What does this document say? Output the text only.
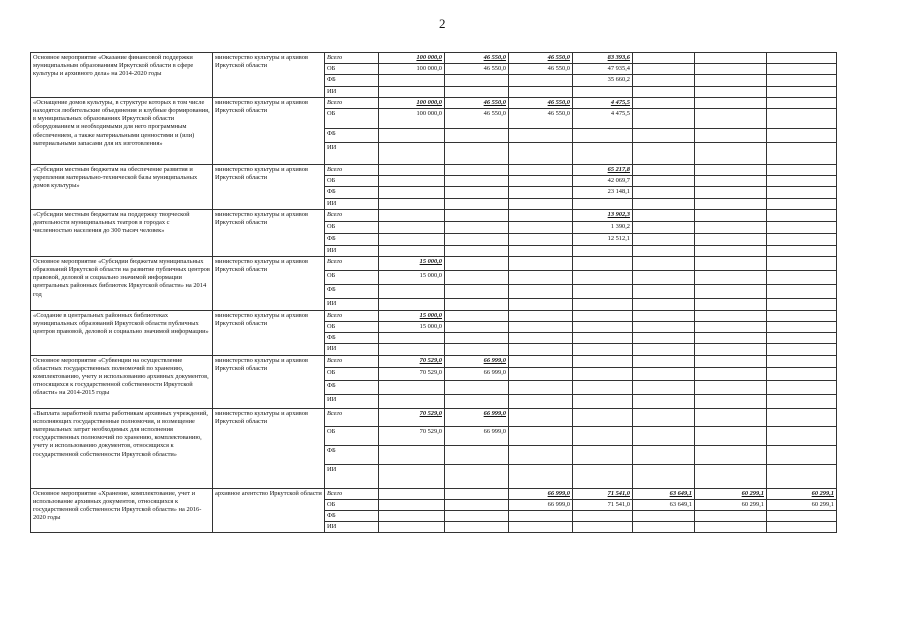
2
Основное мероприятие «Оказание финансовой поддержки муниципальным образованиям Иркутской области в сфере культуры и архивного дела» на 2014-2020 годы	министерство культуры и архивов Иркутской области	Всего	100 000,0	46 550,0	46 550,0	83 393,6			
		ОБ	100 000,0	46 550,0	46 550,0	47 935,4			
		ФБ				35 660,2			
		ИИ							
«Оснащение домов культуры, в структуре которых в том числе находятся любительские объединения и клубные формирования, в муниципальных образованиях Иркутской области оборудованием и необходимыми для него программным обеспечением, а также материальными ценностями и (или) материальными запасами для их изготовления»	министерство культуры и архивов Иркутской области	Всего	100 000,0	46 550,0	46 550,0	4 475,5			
		ОБ	100 000,0	46 550,0	46 550,0	4 475,5			
		ФБ							
		ИИ							
«Субсидии местным бюджетам на обеспечение развития и укрепления материально-технической базы муниципальных домов культуры»	министерство культуры и архивов Иркутской области	Всего				65 217,8			
		ОБ				42 069,7			
		ФБ				23 148,1			
		ИИ							
«Субсидии местным бюджетам на поддержку творческой деятельности муниципальных театров в городах с численностью населения до 300 тысяч человек»	министерство культуры и архивов Иркутской области	Всего				13 902,3			
		ОБ				1 390,2			
		ФБ				12 512,1			
		ИИ							
Основное мероприятие «Субсидии бюджетам муниципальных образований Иркутской области на развитие публичных центров правовой, деловой и социально значимой информации центральных районных библиотек Иркутской области» на 2014 год	министерство культуры и архивов Иркутской области	Всего	15 000,0						
		ОБ	15 000,0						
		ФБ							
		ИИ							
«Создание в центральных районных библиотеках муниципальных образований Иркутской области публичных центров правовой, деловой и социально значимой информации»	министерство культуры и архивов Иркутской области	Всего	15 000,0						
		ОБ	15 000,0						
		ФБ							
		ИИ							
Основное мероприятие «Субвенции на осуществление областных государственных полномочий по хранению, комплектованию, учету и использованию архивных документов, относящихся к государственной собственности Иркутской области» на 2014-2015 годы	министерство культуры и архивов Иркутской области	Всего	70 529,0	66 999,0					
		ОБ	70 529,0	66 999,0					
		ФБ							
		ИИ							
«Выплата заработной платы работникам архивных учреждений, исполняющих государственные полномочия, и возмещение материальных затрат необходимых для исполнения государственных полномочий по хранению, комплектованию, учету и использованию документов, относящихся к государственной собственности Иркутской области»	министерство культуры и архивов Иркутской области	Всего	70 529,0	66 999,0					
		ОБ	70 529,0	66 999,0					
		ФБ							
		ИИ							
Основное мероприятие «Хранение, комплектование, учет и использование архивных документов, относящихся к государственной собственности Иркутской области» на 2016-2020 годы	архивное агентство Иркутской области	Всего			66 999,0	71 541,0	63 649,1	60 299,1	60 299,1
		ОБ			66 999,0	71 541,0	63 649,1	60 299,1	60 299,1
		ФБ							
		ИИ							
